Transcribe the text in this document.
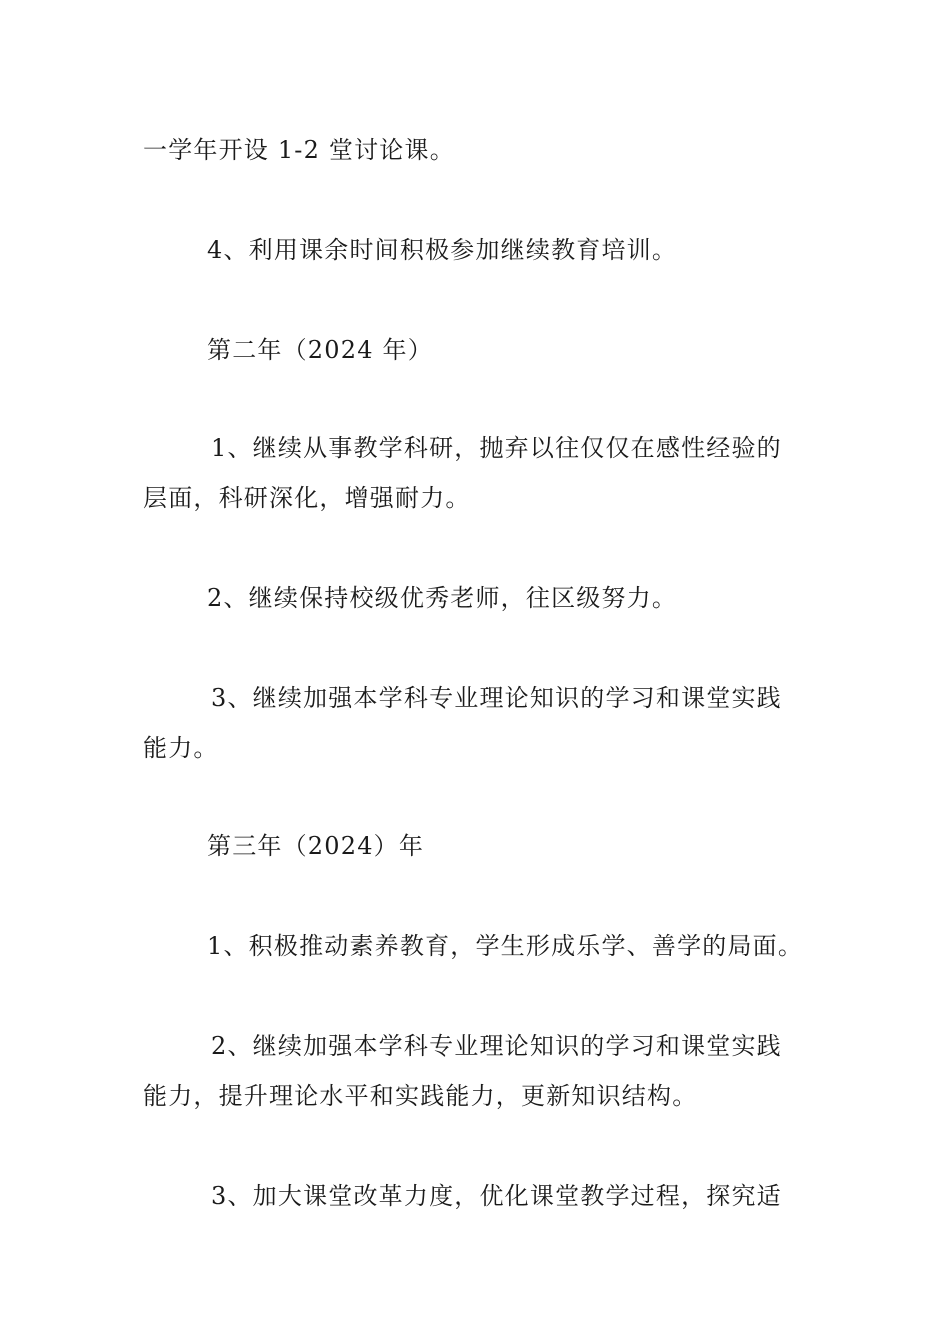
一学年开设 1-2 堂讨论课。
4、利用课余时间积极参加继续教育培训。
第二年（2024 年）
1、继续从事教学科研，抛弃以往仅仅在感性经验的
层面，科研深化，增强耐力。
2、继续保持校级优秀老师，往区级努力。
3、继续加强本学科专业理论知识的学习和课堂实践
能力。
第三年（2024）年
1、积极推动素养教育，学生形成乐学、善学的局面。
2、继续加强本学科专业理论知识的学习和课堂实践
能力，提升理论水平和实践能力，更新知识结构。
3、加大课堂改革力度，优化课堂教学过程，探究适
